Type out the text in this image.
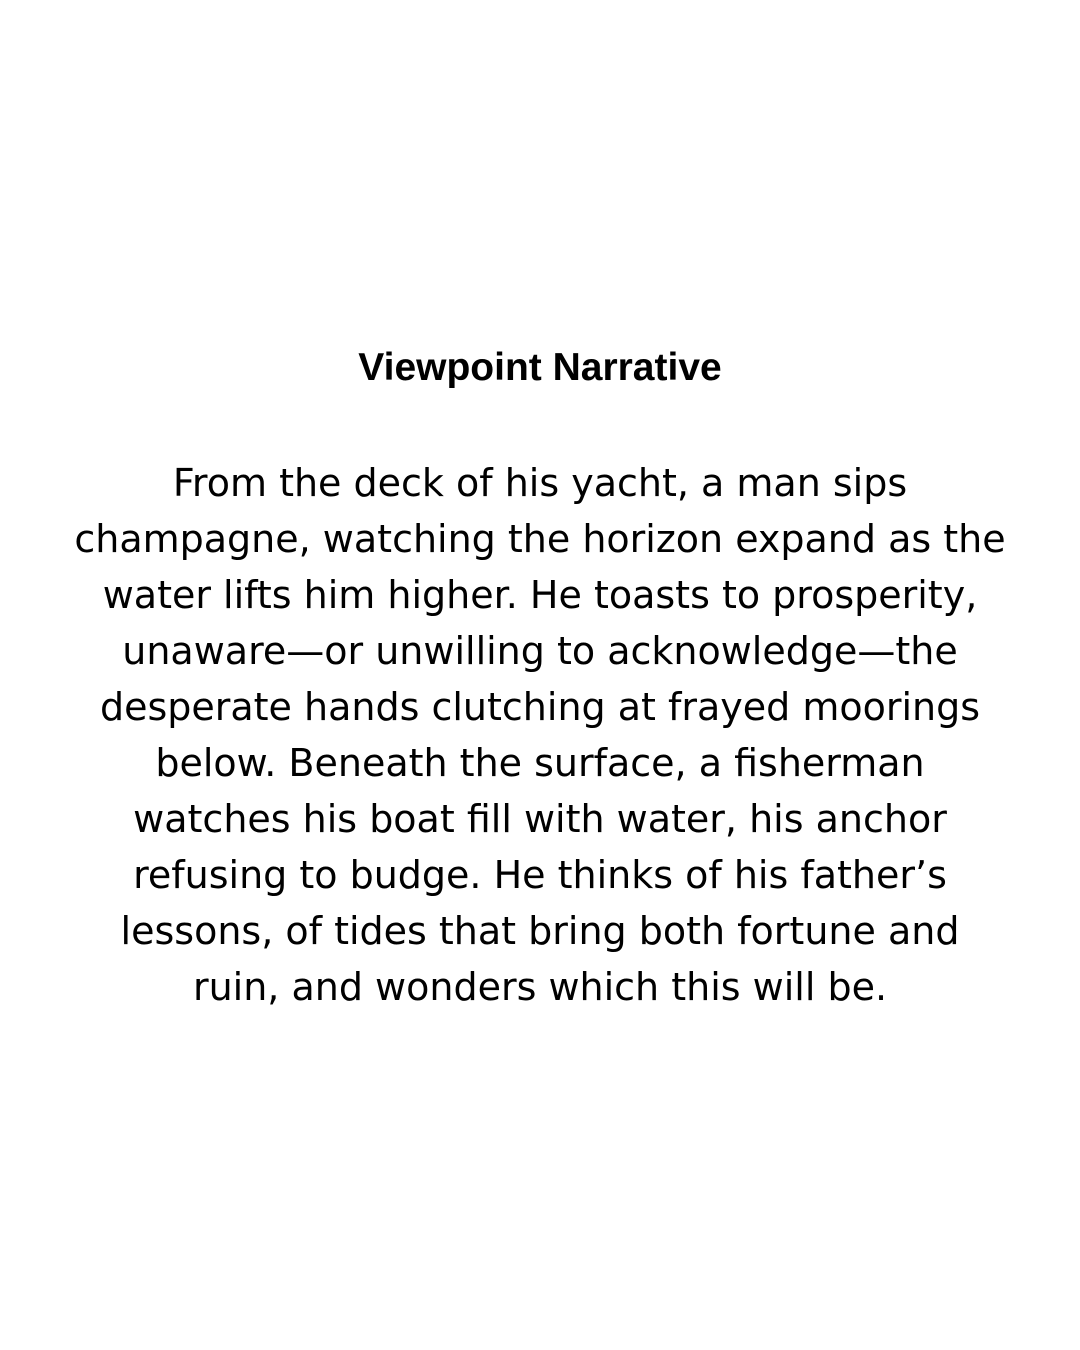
Viewpoint Narrative

From the deck of his yacht, a man sips
champagne, watching the horizon expand as the
water lifts him higher. He toasts to prosperity,
unaware—or unwilling to acknowledge—the
desperate hands clutching at frayed moorings
below. Beneath the surface, a fisherman
watches his boat fill with water, his anchor
refusing to budge. He thinks of his father’s
lessons, of tides that bring both fortune and
ruin, and wonders which this will be.
